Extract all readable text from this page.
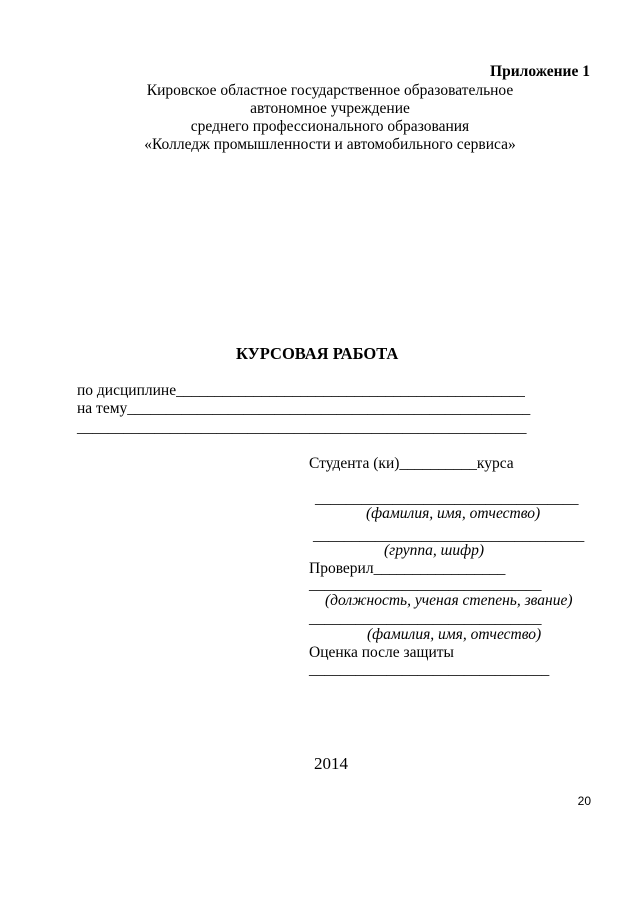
Приложение 1
Кировское областное государственное образовательное
автономное учреждение
среднего профессионального образования
«Колледж промышленности и автомобильного сервиса»
КУРСОВАЯ РАБОТА
по дисциплине_____________________________________________
на тему____________________________________________________
__________________________________________________________
Студента (ки)__________курса
__________________________________
(фамилия, имя, отчество)
___________________________________
(группа, шифр)
Проверил_________________
______________________________
(должность, ученая степень, звание)
______________________________
(фамилия, имя, отчество)
Оценка после защиты
_______________________________
2014
20
